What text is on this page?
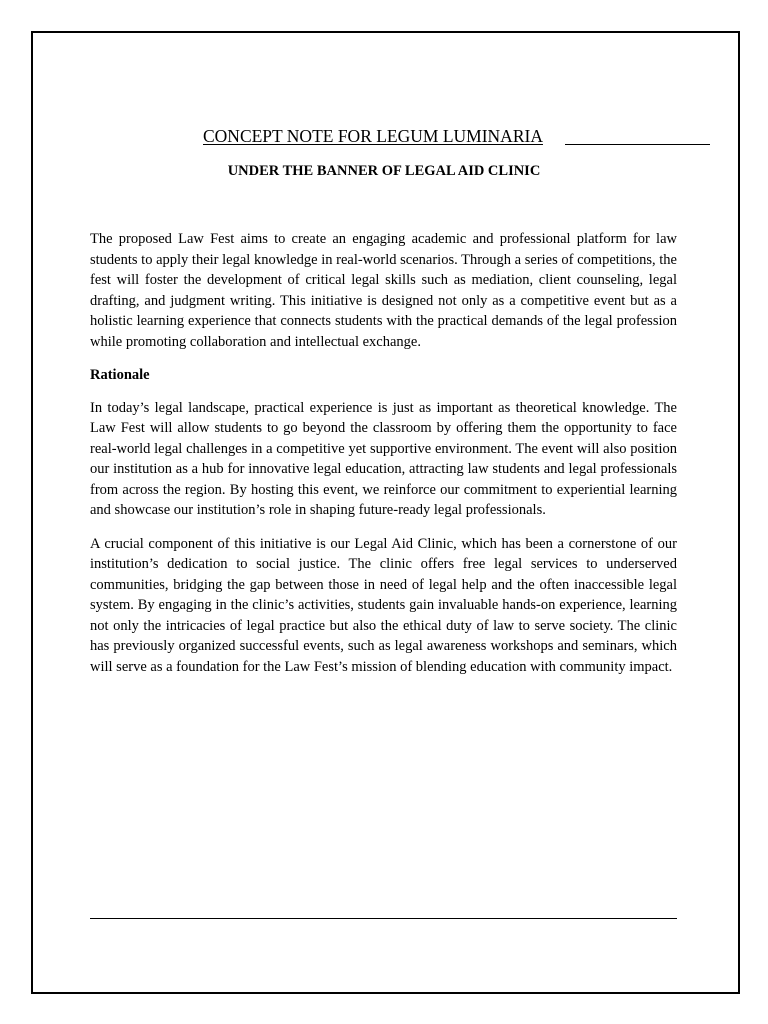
CONCEPT NOTE FOR LEGUM LUMINARIA
UNDER THE BANNER OF LEGAL AID CLINIC

The proposed Law Fest aims to create an engaging academic and professional platform for law students to apply their legal knowledge in real-world scenarios. Through a series of competitions, the fest will foster the development of critical legal skills such as mediation, client counseling, legal drafting, and judgment writing. This initiative is designed not only as a competitive event but as a holistic learning experience that connects students with the practical demands of the legal profession while promoting collaboration and intellectual exchange.

Rationale

In today’s legal landscape, practical experience is just as important as theoretical knowledge. The Law Fest will allow students to go beyond the classroom by offering them the opportunity to face real-world legal challenges in a competitive yet supportive environment. The event will also position our institution as a hub for innovative legal education, attracting law students and legal professionals from across the region. By hosting this event, we reinforce our commitment to experiential learning and showcase our institution’s role in shaping future-ready legal professionals.

A crucial component of this initiative is our Legal Aid Clinic, which has been a cornerstone of our institution’s dedication to social justice. The clinic offers free legal services to underserved communities, bridging the gap between those in need of legal help and the often inaccessible legal system. By engaging in the clinic’s activities, students gain invaluable hands-on experience, learning not only the intricacies of legal practice but also the ethical duty of law to serve society. The clinic has previously organized successful events, such as legal awareness workshops and seminars, which will serve as a foundation for the Law Fest’s mission of blending education with community impact.
